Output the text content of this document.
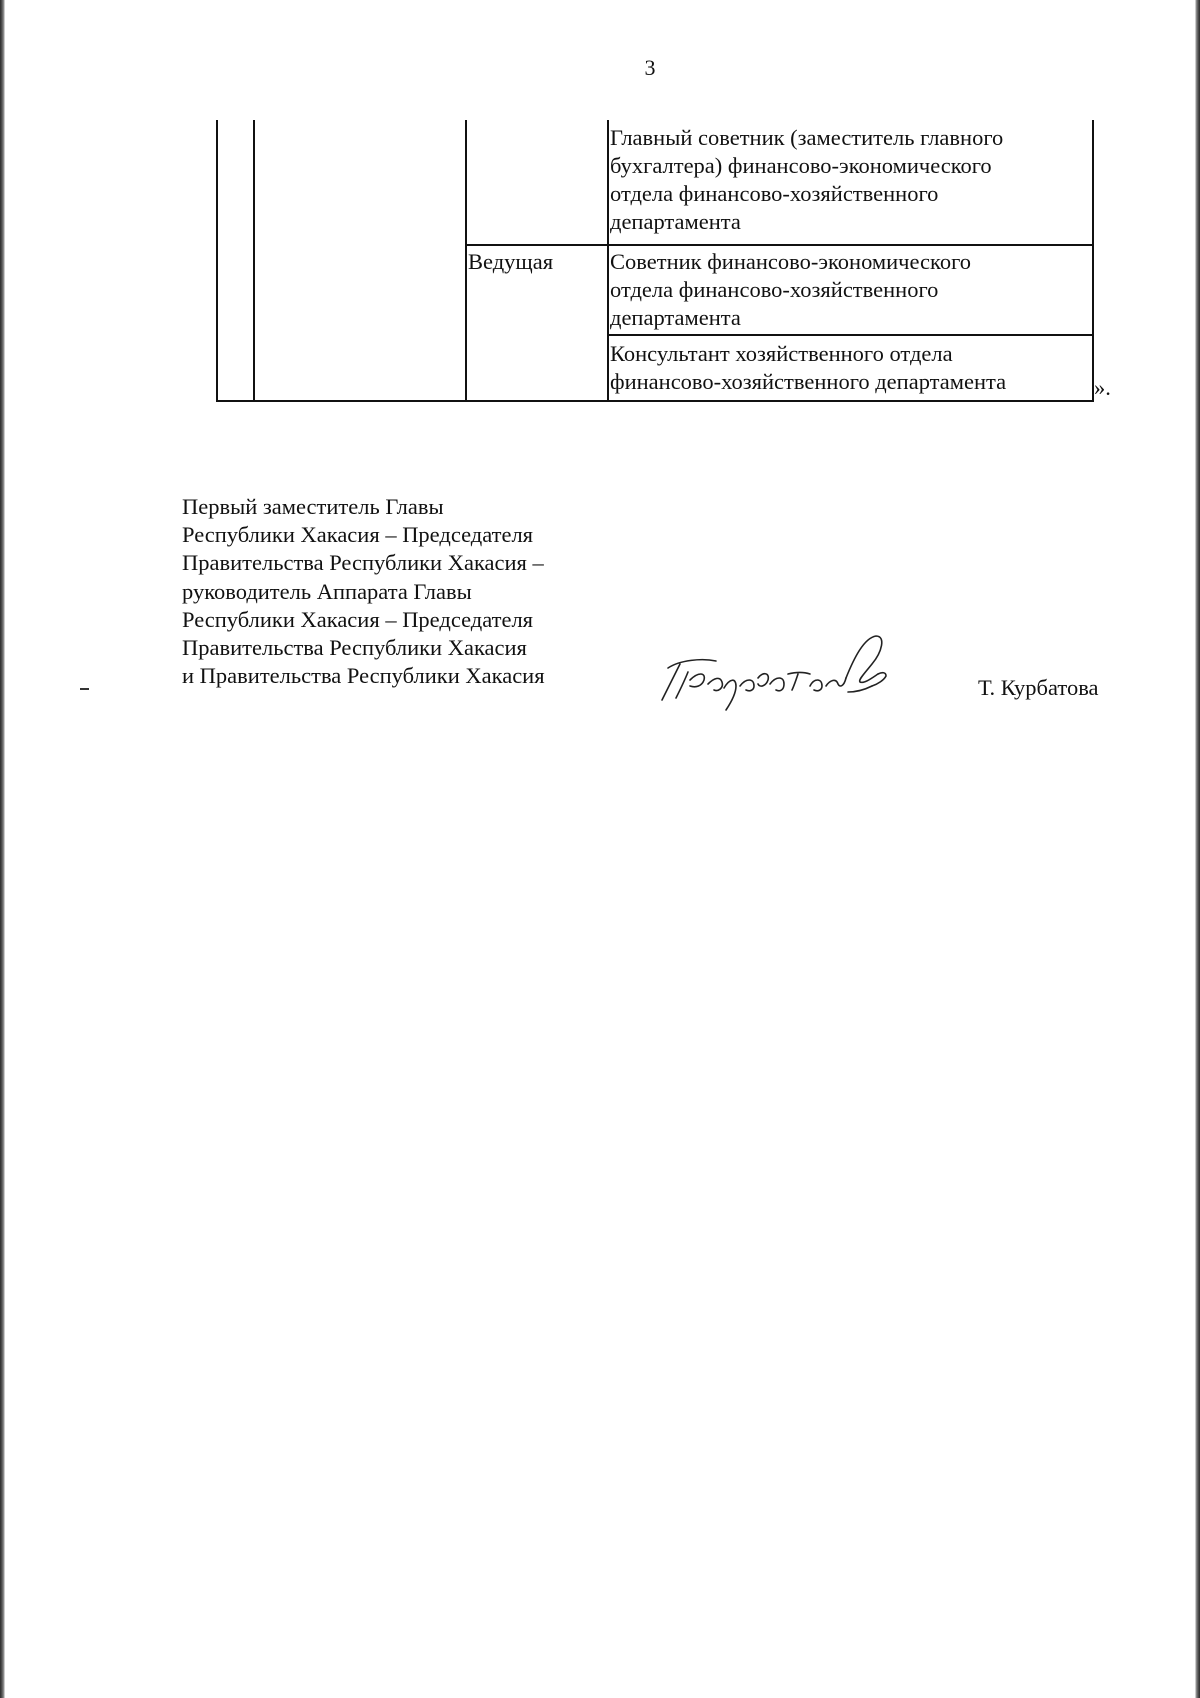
3
Главный советник (заместитель главного
бухгалтера) финансово-экономического
отдела финансово-хозяйственного
департамента
Ведущая	Советник финансово-экономического
отдела финансово-хозяйственного
департамента
Консультант хозяйственного отдела
финансово-хозяйственного департамента	».
Первый заместитель Главы
Республики Хакасия – Председателя
Правительства Республики Хакасия –
руководитель Аппарата Главы
Республики Хакасия – Председателя
Правительства Республики Хакасия
и Правительства Республики Хакасия	Т. Курбатова
